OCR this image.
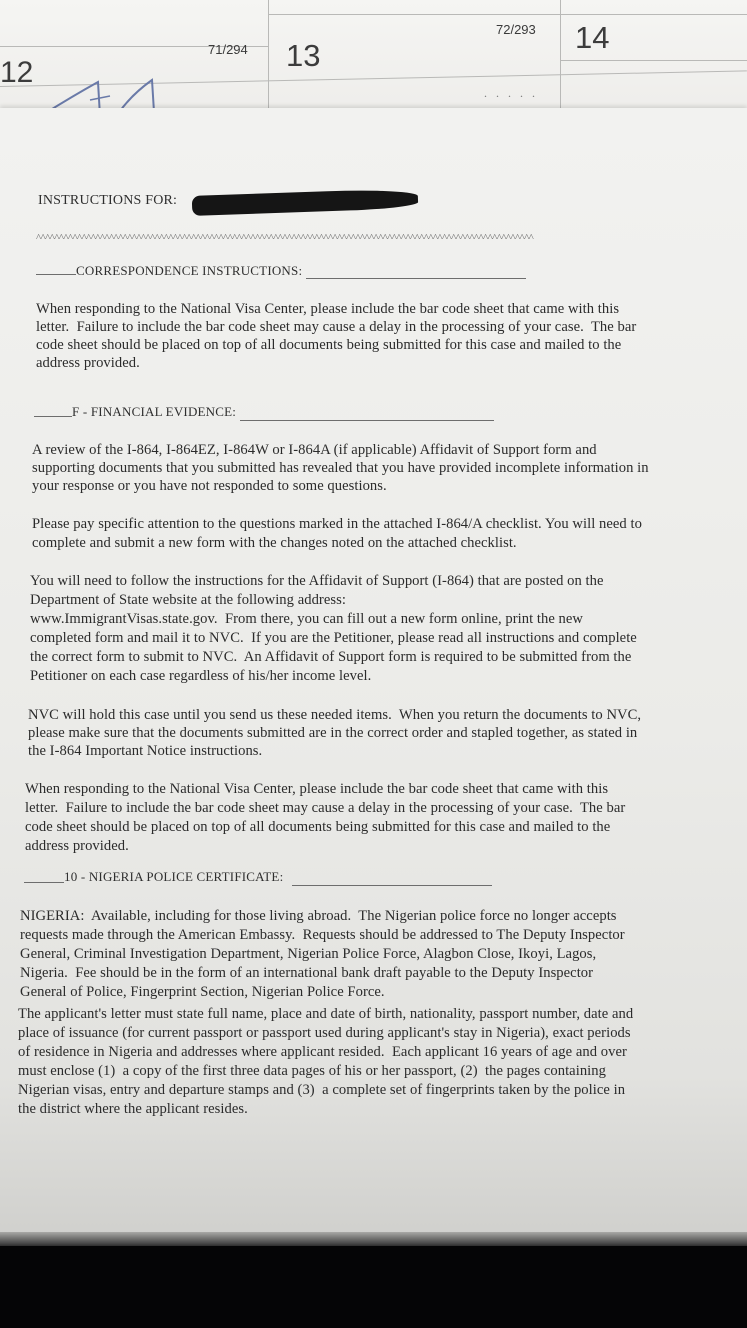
12
71/294 13
72/293 14
. . . . .
INSTRUCTIONS FOR:
^^^^^^^^^^^^^^^^^^^^^^^^^^^^^^^^^^^^^^^^^^^^^^^^^^^^^^^^^^^^^^^^^^^^^^^^^^^^^^^^^^^^^^^^^^^^^^^^^^^^^^^^^^^^^
CORRESPONDENCE INSTRUCTIONS:
When responding to the National Visa Center, please include the bar code sheet that came with this
letter.  Failure to include the bar code sheet may cause a delay in the processing of your case.  The bar
code sheet should be placed on top of all documents being submitted for this case and mailed to the
address provided.
F - FINANCIAL EVIDENCE:
A review of the I-864, I-864EZ, I-864W or I-864A (if applicable) Affidavit of Support form and
supporting documents that you submitted has revealed that you have provided incomplete information in
your response or you have not responded to some questions.
Please pay specific attention to the questions marked in the attached I-864/A checklist. You will need to
complete and submit a new form with the changes noted on the attached checklist.
You will need to follow the instructions for the Affidavit of Support (I-864) that are posted on the
Department of State website at the following address:
www.ImmigrantVisas.state.gov.  From there, you can fill out a new form online, print the new
completed form and mail it to NVC.  If you are the Petitioner, please read all instructions and complete
the correct form to submit to NVC.  An Affidavit of Support form is required to be submitted from the
Petitioner on each case regardless of his/her income level.
NVC will hold this case until you send us these needed items.  When you return the documents to NVC,
please make sure that the documents submitted are in the correct order and stapled together, as stated in
the I-864 Important Notice instructions.
When responding to the National Visa Center, please include the bar code sheet that came with this
letter.  Failure to include the bar code sheet may cause a delay in the processing of your case.  The bar
code sheet should be placed on top of all documents being submitted for this case and mailed to the
address provided.
10 - NIGERIA POLICE CERTIFICATE:
NIGERIA:  Available, including for those living abroad.  The Nigerian police force no longer accepts
requests made through the American Embassy.  Requests should be addressed to The Deputy Inspector
General, Criminal Investigation Department, Nigerian Police Force, Alagbon Close, Ikoyi, Lagos,
Nigeria.  Fee should be in the form of an international bank draft payable to the Deputy Inspector
General of Police, Fingerprint Section, Nigerian Police Force.
The applicant's letter must state full name, place and date of birth, nationality, passport number, date and
place of issuance (for current passport or passport used during applicant's stay in Nigeria), exact periods
of residence in Nigeria and addresses where applicant resided.  Each applicant 16 years of age and over
must enclose (1)  a copy of the first three data pages of his or her passport, (2)  the pages containing
Nigerian visas, entry and departure stamps and (3)  a complete set of fingerprints taken by the police in
the district where the applicant resides.
